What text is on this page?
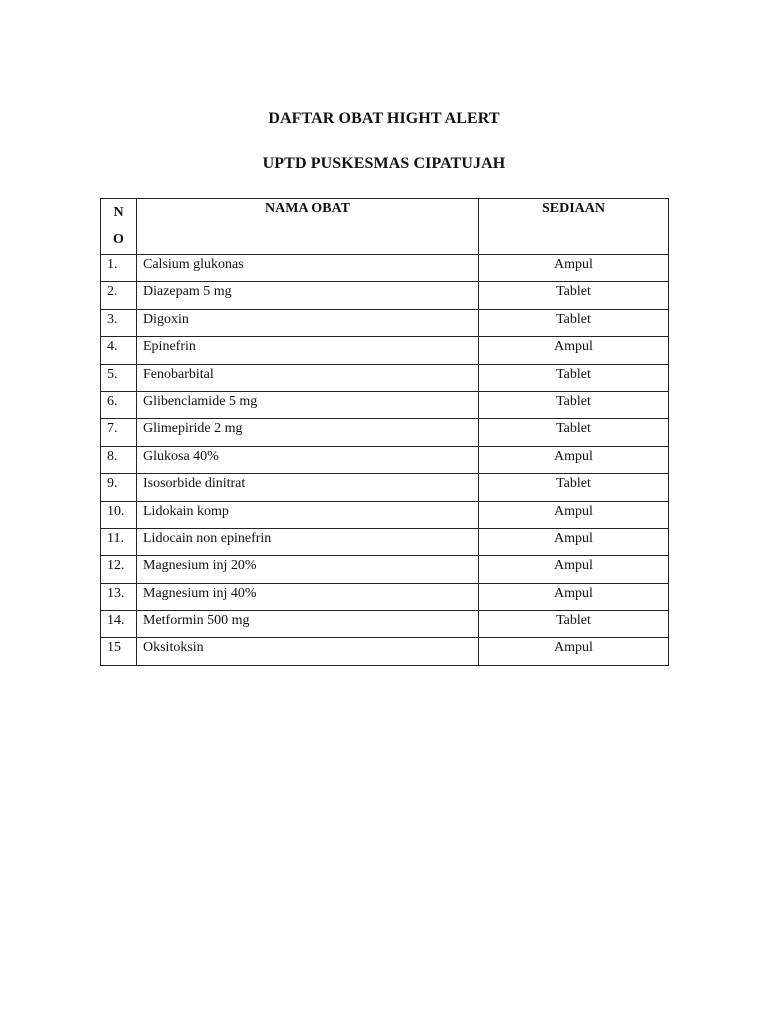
DAFTAR OBAT HIGHT ALERT
UPTD PUSKESMAS CIPATUJAH
N
O	NAMA OBAT	SEDIAAN
1.	Calsium glukonas	Ampul
2.	Diazepam 5 mg	Tablet
3.	Digoxin	Tablet
4.	Epinefrin	Ampul
5.	Fenobarbital	Tablet
6.	Glibenclamide 5 mg	Tablet
7.	Glimepiride 2 mg	Tablet
8.	Glukosa 40%	Ampul
9.	Isosorbide dinitrat	Tablet
10.	Lidokain komp	Ampul
11.	Lidocain non epinefrin	Ampul
12.	Magnesium inj 20%	Ampul
13.	Magnesium inj 40%	Ampul
14.	Metformin 500 mg	Tablet
15	Oksitoksin	Ampul
